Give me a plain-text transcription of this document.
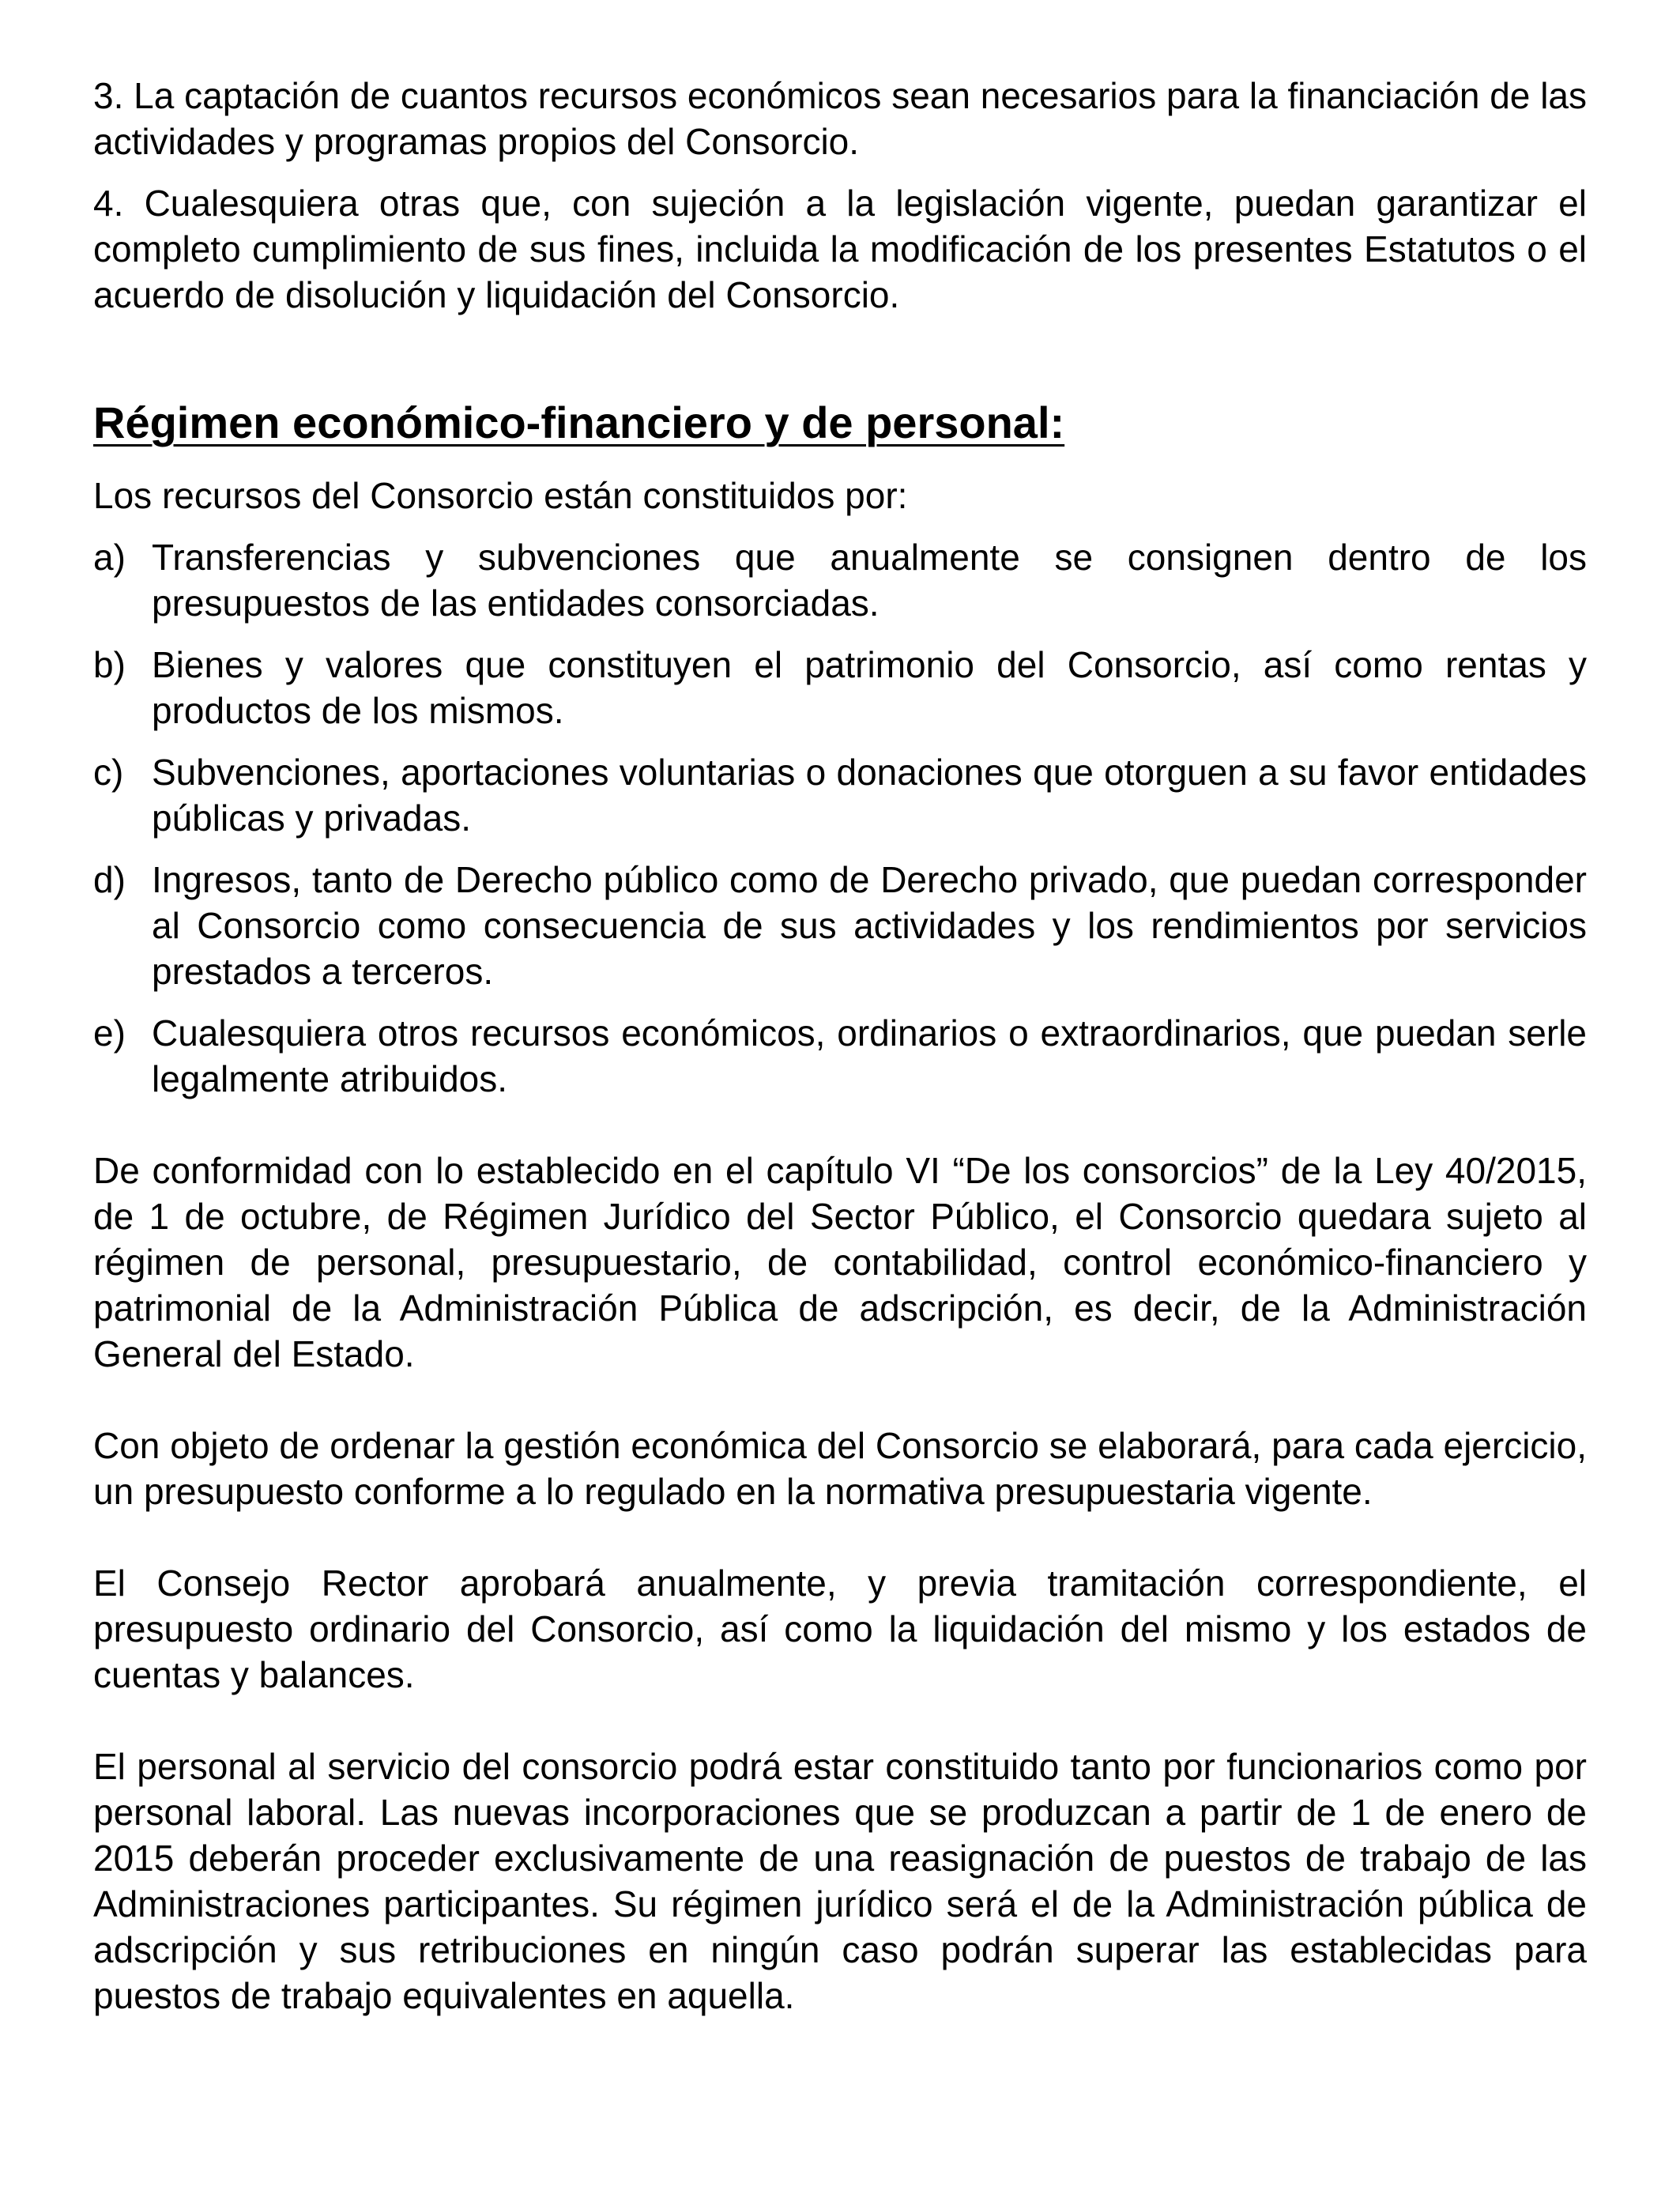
3. La captación de cuantos recursos económicos sean necesarios para la financiación de las actividades y programas propios del Consorcio.

4. Cualesquiera otras que, con sujeción a la legislación vigente, puedan garantizar el completo cumplimiento de sus fines, incluida la modificación de los presentes Estatutos o el acuerdo de disolución y liquidación del Consorcio.

Régimen económico-financiero y de personal:

Los recursos del Consorcio están constituidos por:

a) Transferencias y subvenciones que anualmente se consignen dentro de los presupuestos de las entidades consorciadas.
b) Bienes y valores que constituyen el patrimonio del Consorcio, así como rentas y productos de los mismos.
c) Subvenciones, aportaciones voluntarias o donaciones que otorguen a su favor entidades públicas y privadas.
d) Ingresos, tanto de Derecho público como de Derecho privado, que puedan corresponder al Consorcio como consecuencia de sus actividades y los rendimientos por servicios prestados a terceros.
e) Cualesquiera otros recursos económicos, ordinarios o extraordinarios, que puedan serle legalmente atribuidos.

De conformidad con lo establecido en el capítulo VI “De los consorcios” de la Ley 40/2015, de 1 de octubre, de Régimen Jurídico del Sector Público, el Consorcio quedara sujeto al régimen de personal, presupuestario, de contabilidad, control económico-financiero y patrimonial de la Administración Pública de adscripción, es decir, de la Administración General del Estado.

Con objeto de ordenar la gestión económica del Consorcio se elaborará, para cada ejercicio, un presupuesto conforme a lo regulado en la normativa presupuestaria vigente.

El Consejo Rector aprobará anualmente, y previa tramitación correspondiente, el presupuesto ordinario del Consorcio, así como la liquidación del mismo y los estados de cuentas y balances.

El personal al servicio del consorcio podrá estar constituido tanto por funcionarios como por personal laboral. Las nuevas incorporaciones que se produzcan a partir de 1 de enero de 2015 deberán proceder exclusivamente de una reasignación de puestos de trabajo de las Administraciones participantes. Su régimen jurídico será el de la Administración pública de adscripción y sus retribuciones en ningún caso podrán superar las establecidas para puestos de trabajo equivalentes en aquella.
